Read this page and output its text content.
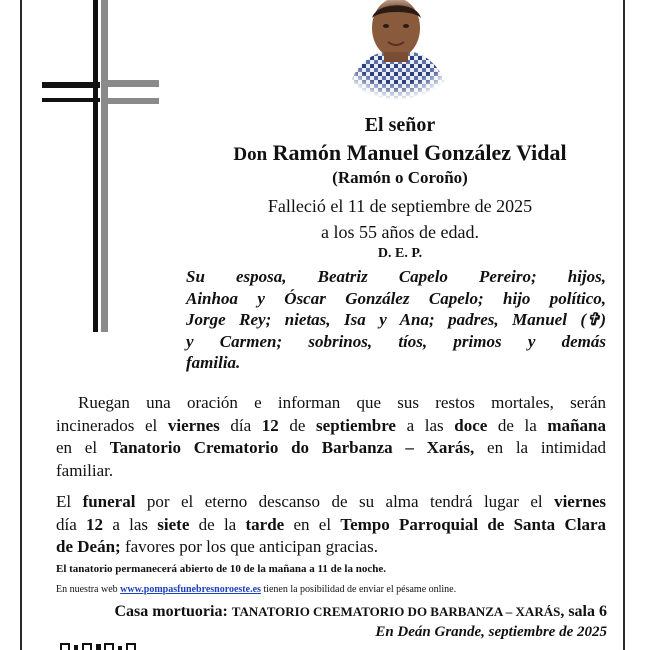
El señor
Don Ramón Manuel González Vidal
(Ramón o Coroño)
Falleció el 11 de septiembre de 2025
a los 55 años de edad.
D. E. P.
Su esposa, Beatriz Capelo Pereiro; hijos,
Ainhoa y Óscar González Capelo; hijo político,
Jorge Rey; nietas, Isa y Ana; padres, Manuel (✞)
y Carmen; sobrinos, tíos, primos y demás
familia.
Ruegan una oración e informan que sus restos mortales, serán
incinerados el viernes día 12 de septiembre a las doce de la mañana
en el Tanatorio Crematorio do Barbanza – Xarás, en la intimidad
familiar.
El funeral por el eterno descanso de su alma tendrá lugar el viernes
día 12 a las siete de la tarde en el Tempo Parroquial de Santa Clara
de Deán; favores por los que anticipan gracias.
El tanatorio permanecerá abierto de 10 de la mañana a 11 de la noche.
En nuestra web www.pompasfunebresnoroeste.es tienen la posibilidad de enviar el pésame online.
Casa mortuoria: TANATORIO CREMATORIO DO BARBANZA – XARÁS, sala 6
En Deán Grande, septiembre de 2025
